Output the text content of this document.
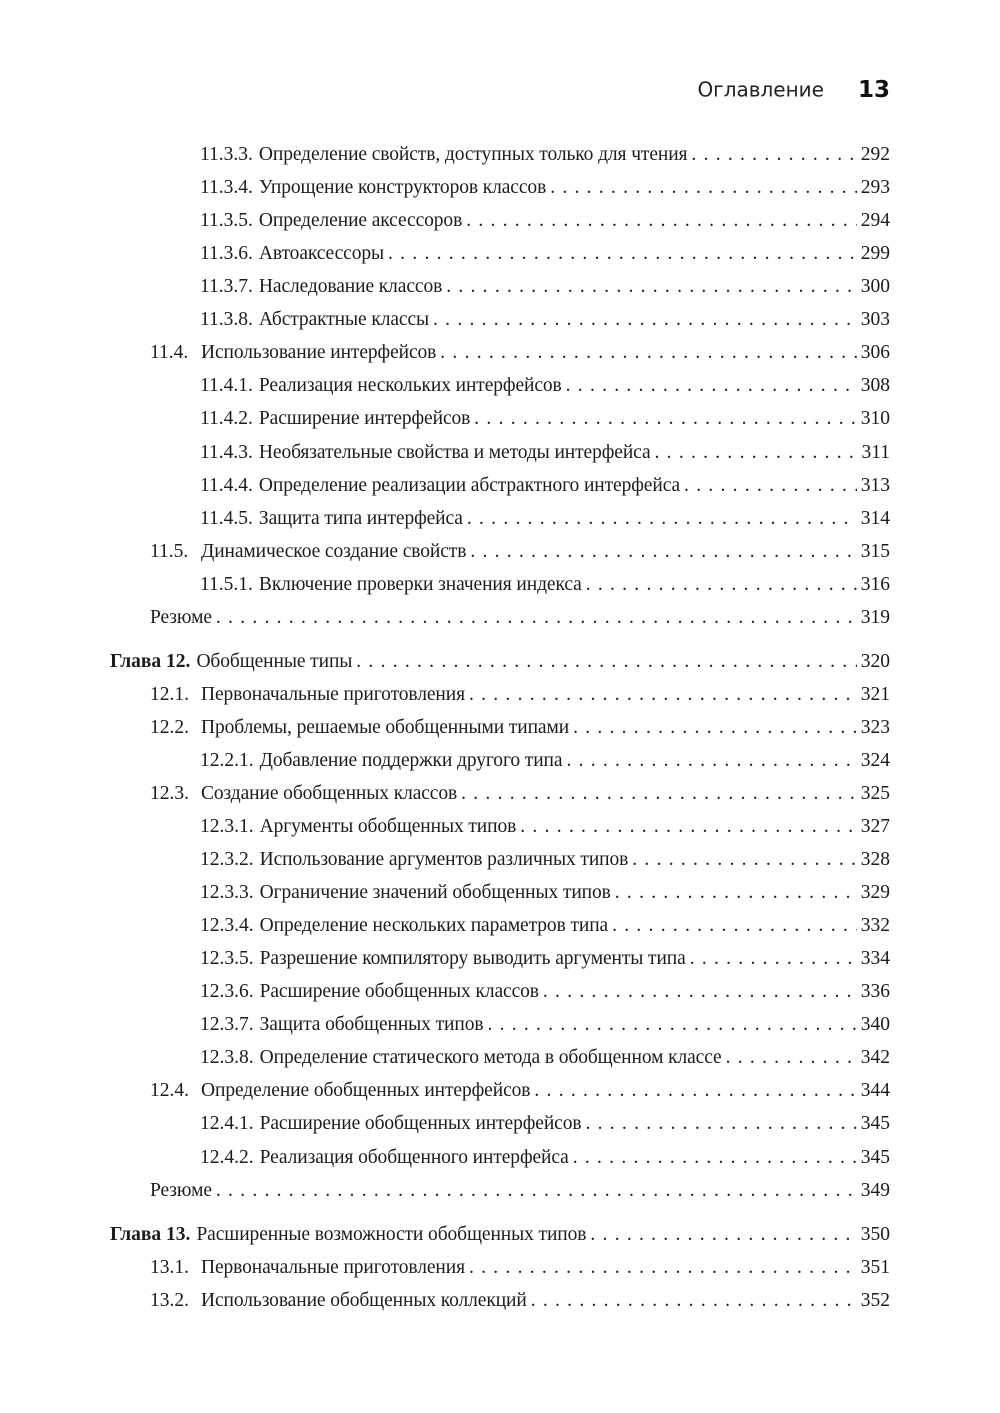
Оглавление 13
11.3.3. Определение свойств, доступных только для чтения . . .	292
11.3.4. Упрощение конструкторов классов . . .	293
11.3.5. Определение аксессоров . . .	294
11.3.6. Автоаксессоры . . .	299
11.3.7. Наследование классов . . .	300
11.3.8. Абстрактные классы . . .	303
11.4. Использование интерфейсов . . .	306
11.4.1. Реализация нескольких интерфейсов . . .	308
11.4.2. Расширение интерфейсов . . .	310
11.4.3. Необязательные свойства и методы интерфейса . . .	311
11.4.4. Определение реализации абстрактного интерфейса . . .	313
11.4.5. Защита типа интерфейса . . .	314
11.5. Динамическое создание свойств . . .	315
11.5.1. Включение проверки значения индекса . . .	316
Резюме . . .	319
Глава 12. Обобщенные типы . . .	320
12.1. Первоначальные приготовления . . .	321
12.2. Проблемы, решаемые обобщенными типами . . .	323
12.2.1. Добавление поддержки другого типа . . .	324
12.3. Создание обобщенных классов . . .	325
12.3.1. Аргументы обобщенных типов . . .	327
12.3.2. Использование аргументов различных типов . . .	328
12.3.3. Ограничение значений обобщенных типов . . .	329
12.3.4. Определение нескольких параметров типа . . .	332
12.3.5. Разрешение компилятору выводить аргументы типа . . .	334
12.3.6. Расширение обобщенных классов . . .	336
12.3.7. Защита обобщенных типов . . .	340
12.3.8. Определение статического метода в обобщенном классе . . .	342
12.4. Определение обобщенных интерфейсов . . .	344
12.4.1. Расширение обобщенных интерфейсов . . .	345
12.4.2. Реализация обобщенного интерфейса . . .	345
Резюме . . .	349
Глава 13. Расширенные возможности обобщенных типов . . .	350
13.1. Первоначальные приготовления . . .	351
13.2. Использование обобщенных коллекций . . .	352
